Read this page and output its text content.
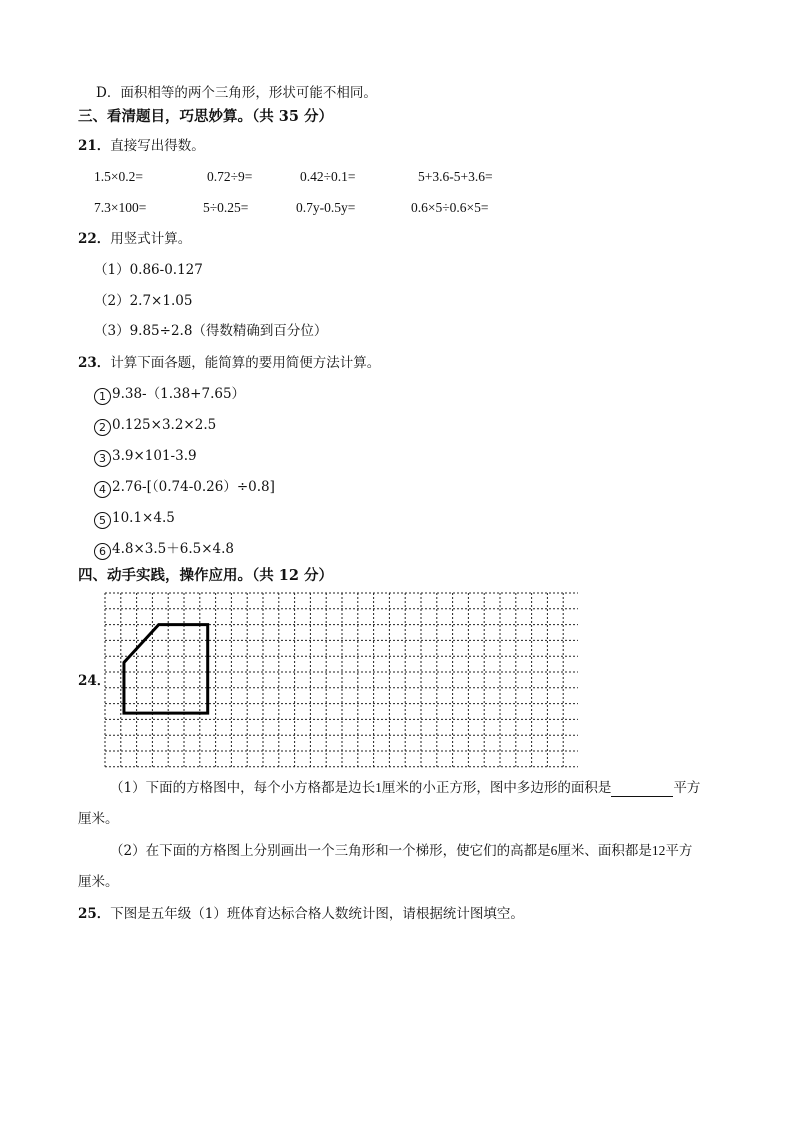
D．面积相等的两个三角形，形状可能不相同。
三、看清题目，巧思妙算。（共 35 分）
21．直接写出得数。
1.5×0.2=	0.72÷9=	0.42÷0.1=	5+3.6-5+3.6=
7.3×100=	5÷0.25=	0.7y-0.5y=	0.6×5÷0.6×5=
22．用竖式计算。
（1）0.86-0.127
（2）2.7×1.05
（3）9.85÷2.8（得数精确到百分位）
23．计算下面各题，能简算的要用简便方法计算。
1 9.38-（1.38+7.65）
2 0.125×3.2×2.5
3 3.9×101-3.9
4 2.76-[（0.74-0.26）÷0.8]
5 10.1×4.5
6 4.8×3.5＋6.5×4.8
四、动手实践，操作应用。（共 12 分）
24．
（1）下面的方格图中，每个小方格都是边长1厘米的小正方形，图中多边形的面积是	平方
厘米。
（2）在下面的方格图上分别画出一个三角形和一个梯形，使它们的高都是6厘米、面积都是12平方
厘米。
25．下图是五年级（1）班体育达标合格人数统计图，请根据统计图填空。
